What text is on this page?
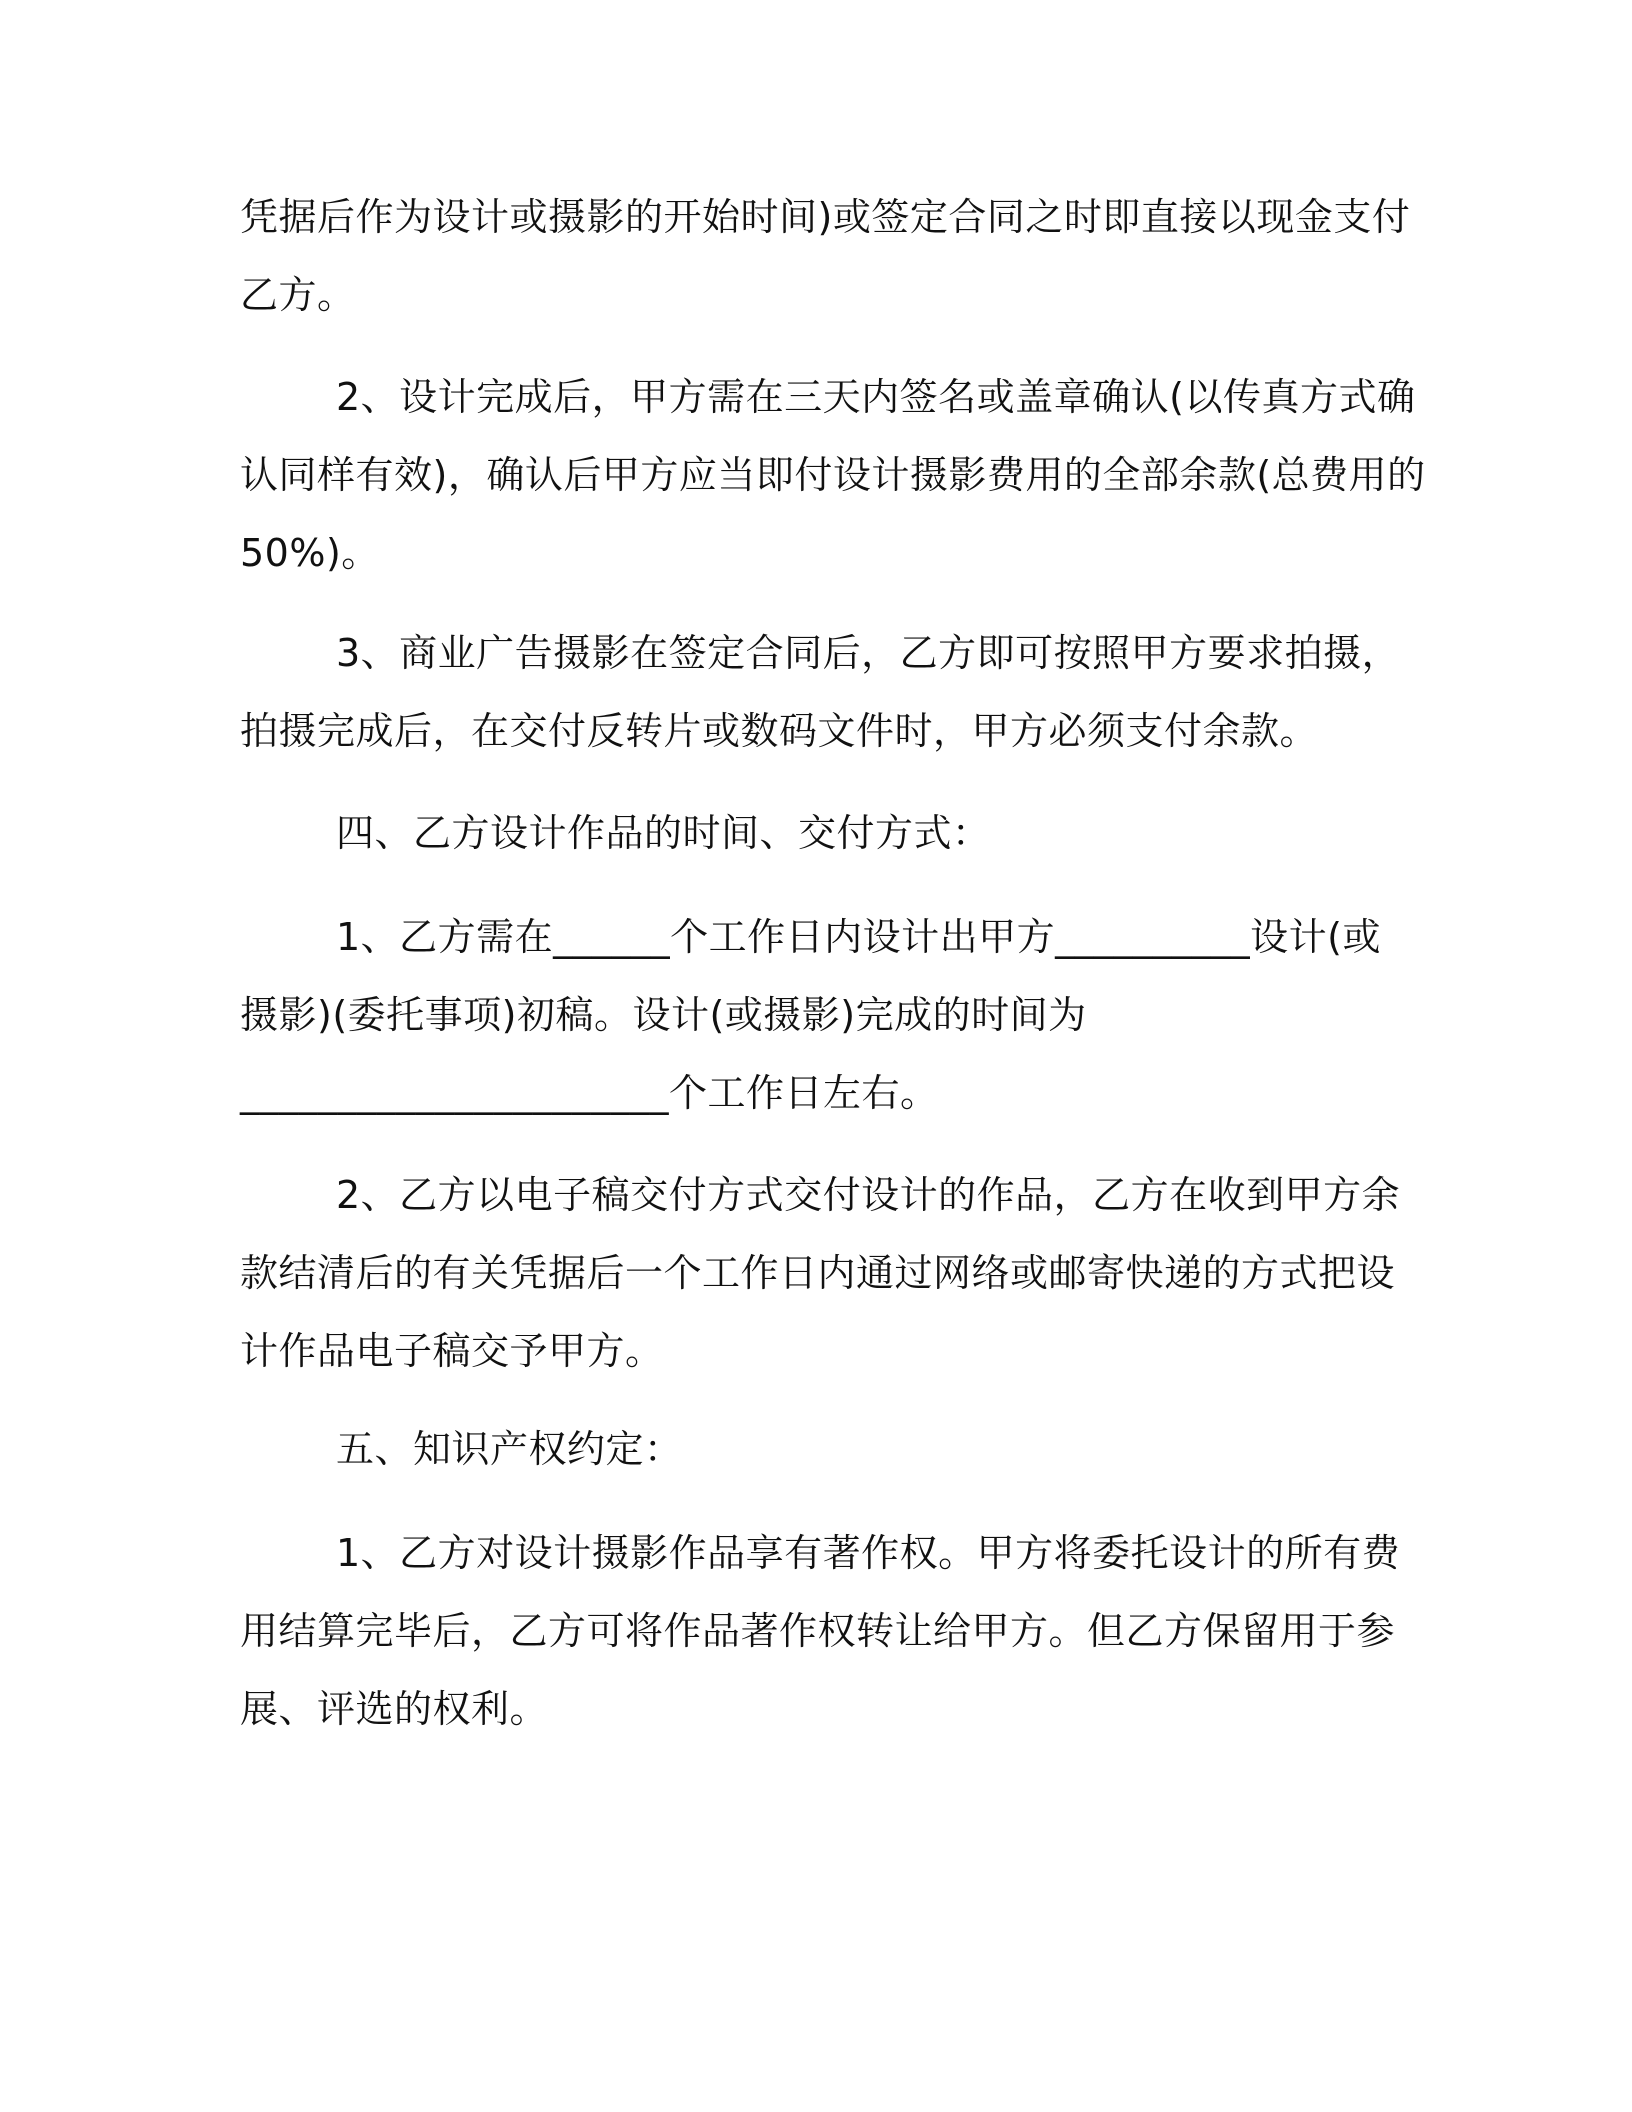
凭据后作为设计或摄影的开始时间)或签定合同之时即直接以现金支付
乙方。
2、设计完成后，甲方需在三天内签名或盖章确认(以传真方式确
认同样有效)，确认后甲方应当即付设计摄影费用的全部余款(总费用的
50%)。
3、商业广告摄影在签定合同后，乙方即可按照甲方要求拍摄，
拍摄完成后，在交付反转片或数码文件时，甲方必须支付余款。
四、乙方设计作品的时间、交付方式：
1、乙方需在______个工作日内设计出甲方__________设计(或
摄影)(委托事项)初稿。设计(或摄影)完成的时间为
______________________个工作日左右。
2、乙方以电子稿交付方式交付设计的作品，乙方在收到甲方余
款结清后的有关凭据后一个工作日内通过网络或邮寄快递的方式把设
计作品电子稿交予甲方。
五、知识产权约定：
1、乙方对设计摄影作品享有著作权。甲方将委托设计的所有费
用结算完毕后，乙方可将作品著作权转让给甲方。但乙方保留用于参
展、评选的权利。
